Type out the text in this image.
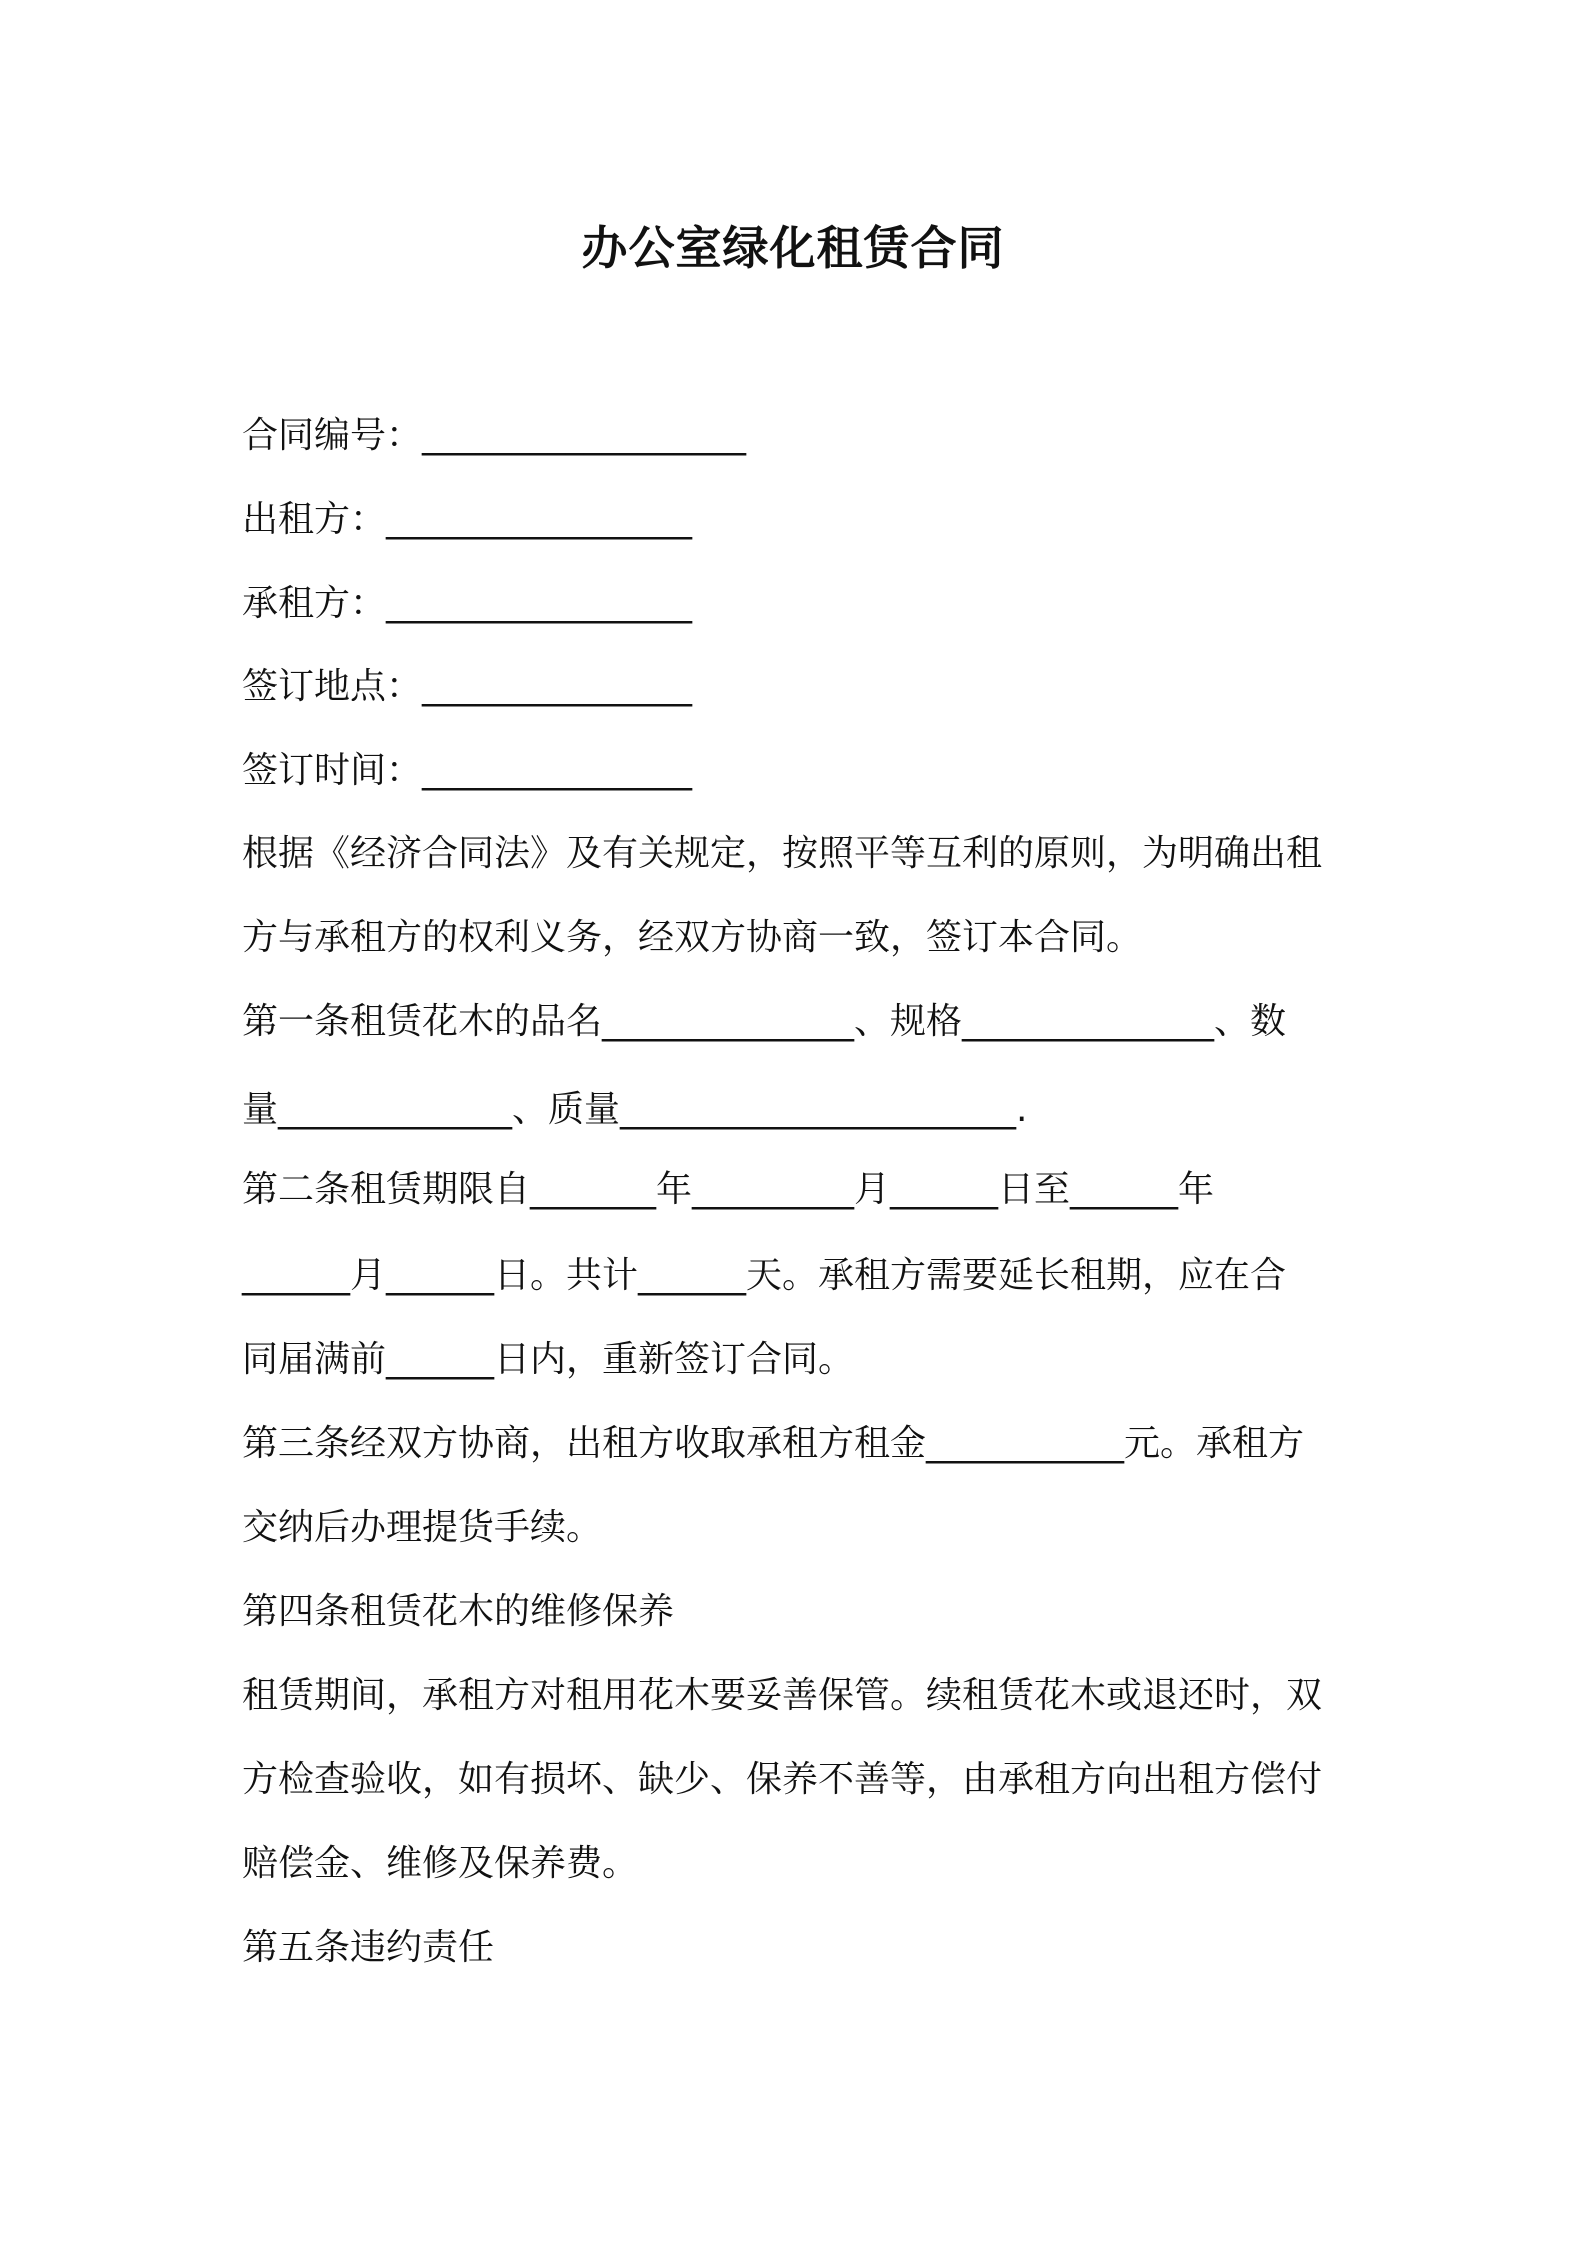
办公室绿化租赁合同
合同编号：__________________
出租方：_________________
承租方：_________________
签订地点：_______________
签订时间：_______________
根据《经济合同法》及有关规定，按照平等互利的原则，为明确出租
方与承租方的权利义务，经双方协商一致，签订本合同。
第一条租赁花木的品名______________、规格______________、数
量_____________、质量______________________.
第二条租赁期限自_______年_________月______日至______年
______月______日。共计______天。承租方需要延长租期，应在合
同届满前______日内，重新签订合同。
第三条经双方协商，出租方收取承租方租金___________元。承租方
交纳后办理提货手续。
第四条租赁花木的维修保养
租赁期间，承租方对租用花木要妥善保管。续租赁花木或退还时，双
方检查验收，如有损坏、缺少、保养不善等，由承租方向出租方偿付
赔偿金、维修及保养费。
第五条违约责任
